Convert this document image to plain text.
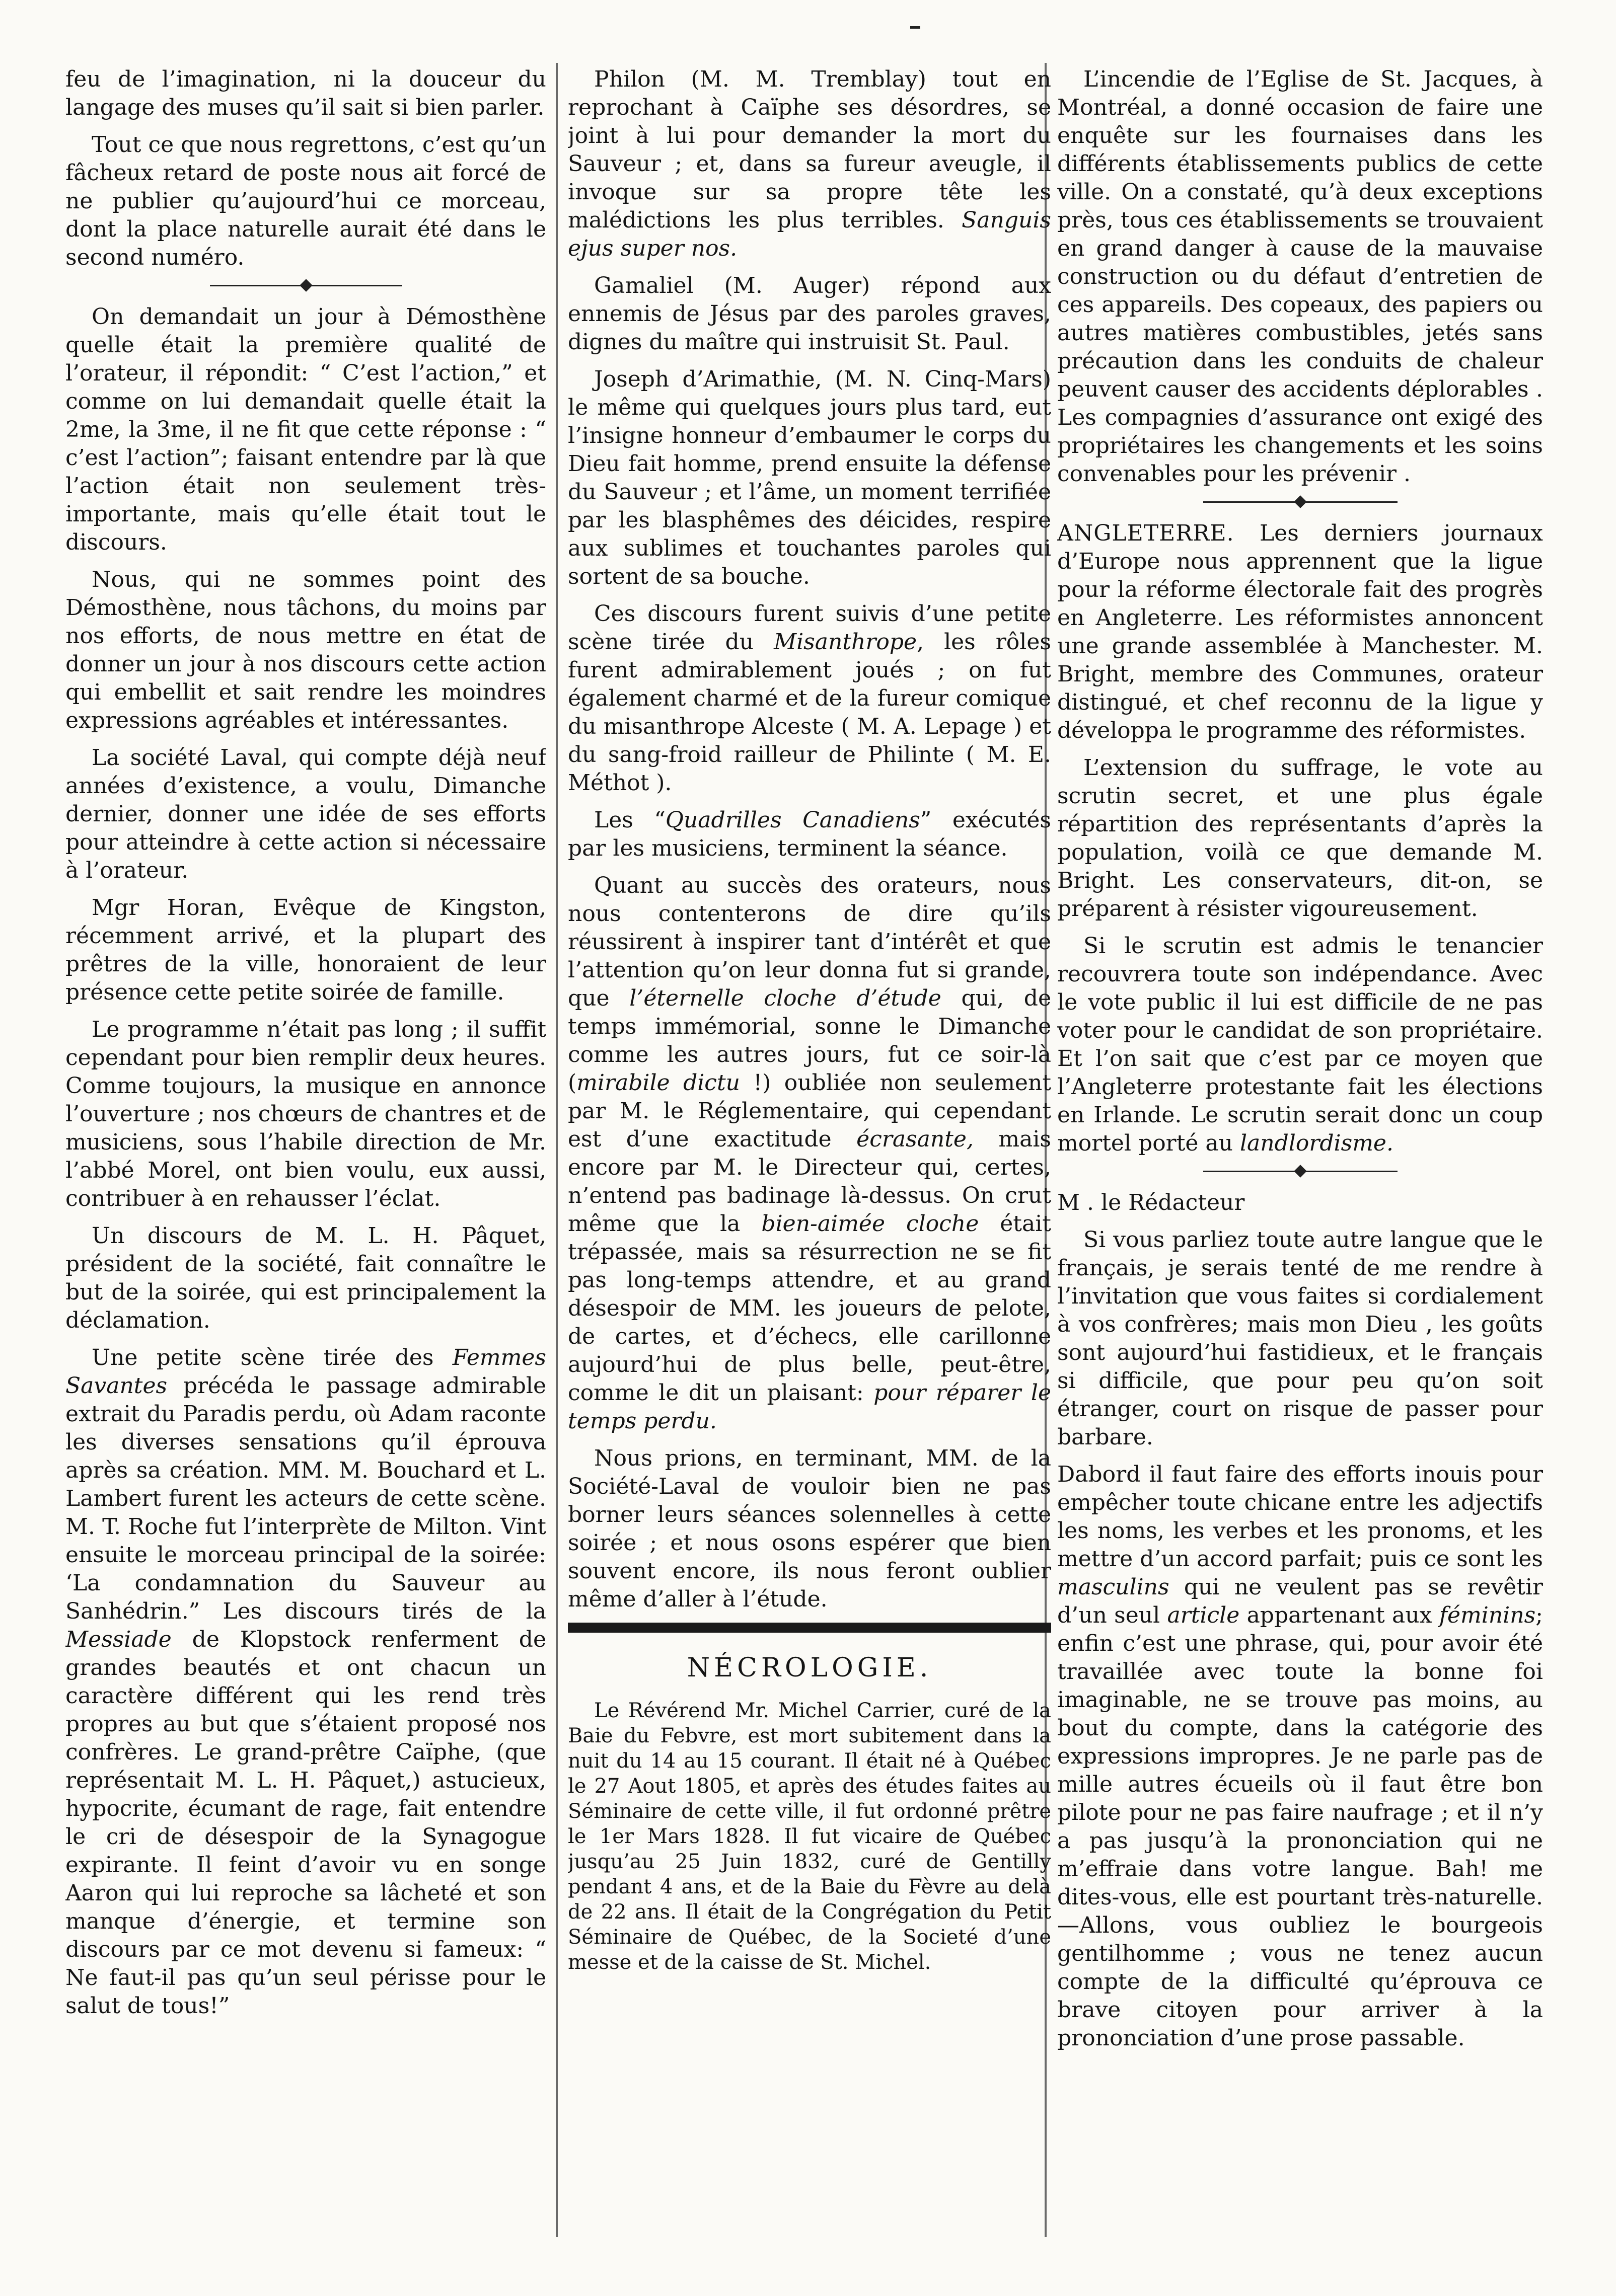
feu de l’imagination, ni la douceur du langage des muses qu’il sait si bien parler.

Tout ce que nous regrettons, c’est qu’un fâcheux retard de poste nous ait forcé de ne publier qu’aujourd’hui ce morceau, dont la place naturelle aurait été dans le second numéro.

On demandait un jour à Démosthène quelle était la première qualité de l’orateur, il répondit: “ C’est l’action,” et comme on lui demandait quelle était la 2me, la 3me, il ne fit que cette réponse : “ c’est l’action”; faisant entendre par là que l’action était non seulement très-importante, mais qu’elle était tout le discours.

Nous, qui ne sommes point des Démosthène, nous tâchons, du moins par nos efforts, de nous mettre en état de donner un jour à nos discours cette action qui embellit et sait rendre les moindres expressions agréables et intéressantes.

La société Laval, qui compte déjà neuf années d’existence, a voulu, Dimanche dernier, donner une idée de ses efforts pour atteindre à cette action si nécessaire à l’orateur.

Mgr Horan, Evêque de Kingston, récemment arrivé, et la plupart des prêtres de la ville, honoraient de leur présence cette petite soirée de famille.

Le programme n’était pas long ; il suffit cependant pour bien remplir deux heures. Comme toujours, la musique en annonce l’ouverture ; nos chœurs de chantres et de musiciens, sous l’habile direction de Mr. l’abbé Morel, ont bien voulu, eux aussi, contribuer à en rehausser l’éclat.

Un discours de M. L. H. Pâquet, président de la société, fait connaître le but de la soirée, qui est principalement la déclamation.

Une petite scène tirée des Femmes Savantes précéda le passage admirable extrait du Paradis perdu, où Adam raconte les diverses sensations qu’il éprouva après sa création. MM. M. Bouchard et L. Lambert furent les acteurs de cette scène. M. T. Roche fut l’interprète de Milton. Vint ensuite le morceau principal de la soirée: ‘La condamnation du Sauveur au Sanhédrin.” Les discours tirés de la Messiade de Klopstock renferment de grandes beautés et ont chacun un caractère différent qui les rend très propres au but que s’étaient proposé nos confrères. Le grand-prêtre Caïphe, (que représentait M. L. H. Pâquet,) astucieux, hypocrite, écumant de rage, fait entendre le cri de désespoir de la Synagogue expirante. Il feint d’avoir vu en songe Aaron qui lui reproche sa lâcheté et son manque d’énergie, et termine son discours par ce mot devenu si fameux: “ Ne faut-il pas qu’un seul périsse pour le salut de tous!”

Philon (M. M. Tremblay) tout en reprochant à Caïphe ses désordres, se joint à lui pour demander la mort du Sauveur ; et, dans sa fureur aveugle, il invoque sur sa propre tête les malédictions les plus terribles. Sanguis ejus super nos.

Gamaliel (M. Auger) répond aux ennemis de Jésus par des paroles graves, dignes du maître qui instruisit St. Paul.

Joseph d’Arimathie, (M. N. Cinq-Mars) le même qui quelques jours plus tard, eut l’insigne honneur d’embaumer le corps du Dieu fait homme, prend ensuite la défense du Sauveur ; et l’âme, un moment terrifiée par les blasphêmes des déicides, respire aux sublimes et touchantes paroles qui sortent de sa bouche.

Ces discours furent suivis d’une petite scène tirée du Misanthrope, les rôles furent admirablement joués ; on fut également charmé et de la fureur comique du misanthrope Alceste ( M. A. Lepage ) et du sang-froid railleur de Philinte ( M. E. Méthot ).

Les “Quadrilles Canadiens” exécutés par les musiciens, terminent la séance.

Quant au succès des orateurs, nous nous contenterons de dire qu’ils réussirent à inspirer tant d’intérêt et que l’attention qu’on leur donna fut si grande, que l’éternelle cloche d’étude qui, de temps immémorial, sonne le Dimanche comme les autres jours, fut ce soir-là (mirabile dictu !) oubliée non seulement par M. le Réglementaire, qui cependant est d’une exactitude écrasante, mais encore par M. le Directeur qui, certes, n’entend pas badinage là-dessus. On crut même que la bien-aimée cloche était trépassée, mais sa résurrection ne se fit pas long-temps attendre, et au grand désespoir de MM. les joueurs de pelote, de cartes, et d’échecs, elle carillonne aujourd’hui de plus belle, peut-être, comme le dit un plaisant: pour réparer le temps perdu.

Nous prions, en terminant, MM. de la Société-Laval de vouloir bien ne pas borner leurs séances solennelles à cette soirée ; et nous osons espérer que bien souvent encore, ils nous feront oublier même d’aller à l’étude.

NÉCROLOGIE.

Le Révérend Mr. Michel Carrier, curé de la Baie du Febvre, est mort subitement dans la nuit du 14 au 15 courant. Il était né à Québec le 27 Aout 1805, et après des études faites au Séminaire de cette ville, il fut ordonné prêtre le 1er Mars 1828. Il fut vicaire de Québec jusqu’au 25 Juin 1832, curé de Gentilly pendant 4 ans, et de la Baie du Fèvre au delà de 22 ans. Il était de la Congrégation du Petit Séminaire de Québec, de la Societé d’une messe et de la caisse de St. Michel.

L’incendie de l’Eglise de St. Jacques, à Montréal, a donné occasion de faire une enquête sur les fournaises dans les différents établissements publics de cette ville. On a constaté, qu’à deux exceptions près, tous ces établissements se trouvaient en grand danger à cause de la mauvaise construction ou du défaut d’entretien de ces appareils. Des copeaux, des papiers ou autres matières combustibles, jetés sans précaution dans les conduits de chaleur peuvent causer des accidents déplorables . Les compagnies d’assurance ont exigé des propriétaires les changements et les soins convenables pour les prévenir .

ANGLETERRE. Les derniers journaux d’Europe nous apprennent que la ligue pour la réforme électorale fait des progrès en Angleterre. Les réformistes annoncent une grande assemblée à Manchester. M. Bright, membre des Communes, orateur distingué, et chef reconnu de la ligue y développa le programme des réformistes.

L’extension du suffrage, le vote au scrutin secret, et une plus égale répartition des représentants d’après la population, voilà ce que demande M. Bright. Les conservateurs, dit-on, se préparent à résister vigoureusement.

Si le scrutin est admis le tenancier recouvrera toute son indépendance. Avec le vote public il lui est difficile de ne pas voter pour le candidat de son propriétaire. Et l’on sait que c’est par ce moyen que l’Angleterre protestante fait les élections en Irlande. Le scrutin serait donc un coup mortel porté au landlordisme.

M . le Rédacteur

Si vous parliez toute autre langue que le français, je serais tenté de me rendre à l’invitation que vous faites si cordialement à vos confrères; mais mon Dieu , les goûts sont aujourd’hui fastidieux, et le français si difficile, que pour peu qu’on soit étranger, court on risque de passer pour barbare.

Dabord il faut faire des efforts inouis pour empêcher toute chicane entre les adjectifs les noms, les verbes et les pronoms, et les mettre d’un accord parfait; puis ce sont les masculins qui ne veulent pas se revêtir d’un seul article appartenant aux féminins; enfin c’est une phrase, qui, pour avoir été travaillée avec toute la bonne foi imaginable, ne se trouve pas moins, au bout du compte, dans la catégorie des expressions impropres. Je ne parle pas de mille autres écueils où il faut être bon pilote pour ne pas faire naufrage ; et il n’y a pas jusqu’à la prononciation qui ne m’effraie dans votre langue. Bah! me dites-vous, elle est pourtant très-naturelle. —Allons, vous oubliez le bourgeois gentilhomme ; vous ne tenez aucun compte de la difficulté qu’éprouva ce brave citoyen pour arriver à la prononciation d’une prose passable.
